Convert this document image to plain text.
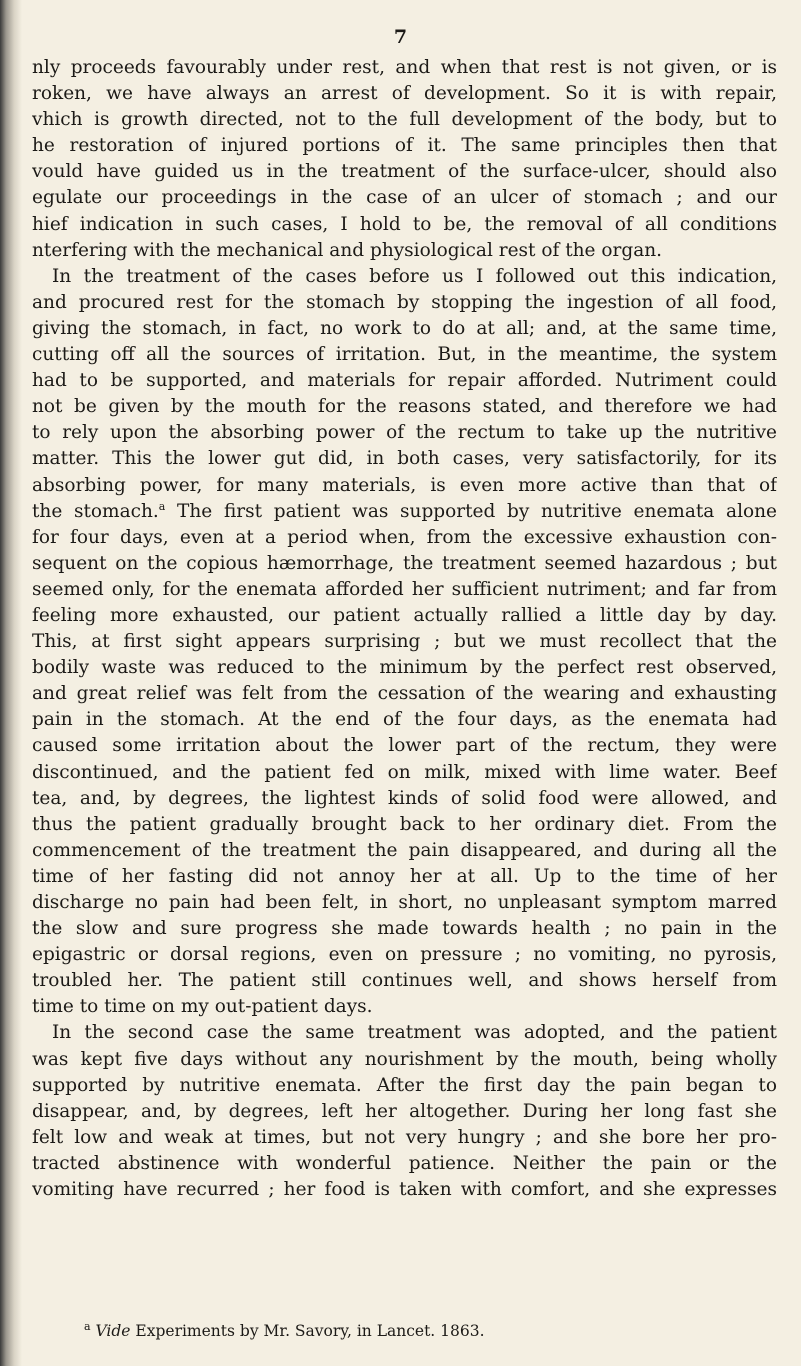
7
nly proceeds favourably under rest, and when that rest is not given, or is
roken, we have always an arrest of development. So it is with repair,
vhich is growth directed, not to the full development of the body, but to
he restoration of injured portions of it. The same principles then that
vould have guided us in the treatment of the surface-ulcer, should also
egulate our proceedings in the case of an ulcer of stomach ; and our
hief indication in such cases, I hold to be, the removal of all conditions
nterfering with the mechanical and physiological rest of the organ.
In the treatment of the cases before us I followed out this indication,
and procured rest for the stomach by stopping the ingestion of all food,
giving the stomach, in fact, no work to do at all; and, at the same time,
cutting off all the sources of irritation. But, in the meantime, the system
had to be supported, and materials for repair afforded. Nutriment could
not be given by the mouth for the reasons stated, and therefore we had
to rely upon the absorbing power of the rectum to take up the nutritive
matter. This the lower gut did, in both cases, very satisfactorily, for its
absorbing power, for many materials, is even more active than that of
the stomach.$^a$ The first patient was supported by nutritive enemata alone
for four days, even at a period when, from the excessive exhaustion con-
sequent on the copious hæmorrhage, the treatment seemed hazardous ; but
seemed only, for the enemata afforded her sufficient nutriment; and far from
feeling more exhausted, our patient actually rallied a little day by day.
This, at first sight appears surprising ; but we must recollect that the
bodily waste was reduced to the minimum by the perfect rest observed,
and great relief was felt from the cessation of the wearing and exhausting
pain in the stomach. At the end of the four days, as the enemata had
caused some irritation about the lower part of the rectum, they were
discontinued, and the patient fed on milk, mixed with lime water. Beef
tea, and, by degrees, the lightest kinds of solid food were allowed, and
thus the patient gradually brought back to her ordinary diet. From the
commencement of the treatment the pain disappeared, and during all the
time of her fasting did not annoy her at all. Up to the time of her
discharge no pain had been felt, in short, no unpleasant symptom marred
the slow and sure progress she made towards health ; no pain in the
epigastric or dorsal regions, even on pressure ; no vomiting, no pyrosis,
troubled her. The patient still continues well, and shows herself from
time to time on my out-patient days.
In the second case the same treatment was adopted, and the patient
was kept five days without any nourishment by the mouth, being wholly
supported by nutritive enemata. After the first day the pain began to
disappear, and, by degrees, left her altogether. During her long fast she
felt low and weak at times, but not very hungry ; and she bore her pro-
tracted abstinence with wonderful patience. Neither the pain or the
vomiting have recurred ; her food is taken with comfort, and she expresses
$^a$ Vide Experiments by Mr. Savory, in Lancet. 1863.
